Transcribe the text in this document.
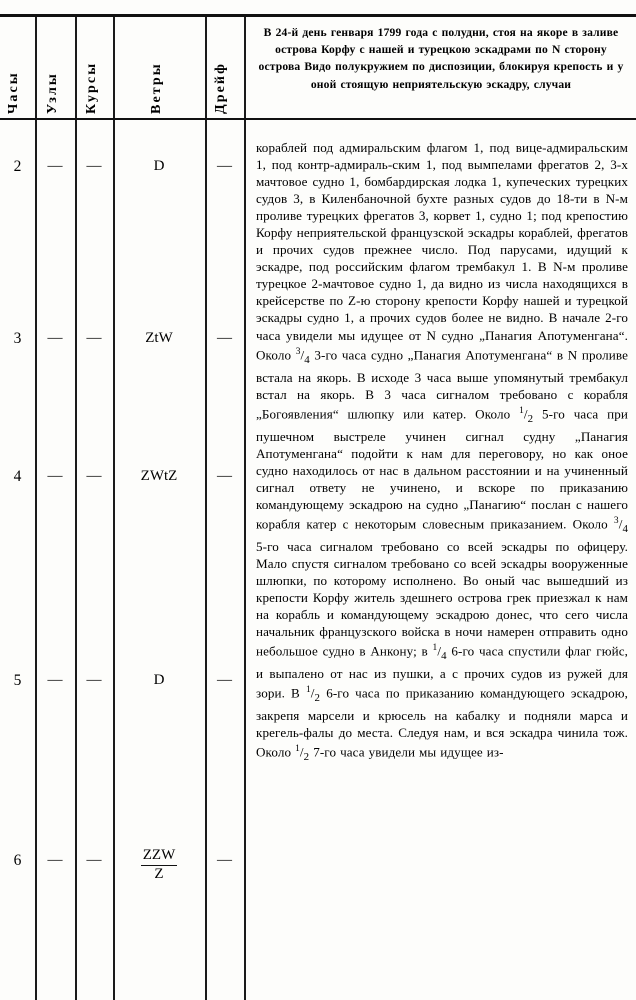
Часы Узлы Курсы	Ветры	Дрейф
В 24-й день генваря 1799 года с полудни, стоя на якоре в заливе острова Корфу с нашей и турецкою эскадрами по N сторону острова Видо полукружием по диспозиции, блокируя крепость и у оной стоящую неприятельскую эскадру, случаи
2	—	—	D	—
3	—	—	ZtW	—
4	—	—	ZWtZ	—
5	—	—	D	—
6	—	—	$\frac{\text{ZZW}}{Z}$	—

кораблей под адмиральским флагом 1, под вице-адмиральским 1, под контр-адмираль-ским 1, под вымпелами фрегатов 2, 3-х мачтовое судно 1, бомбардирская лодка 1, купеческих турецких судов 3, в Киленбаночной бухте разных судов до 18-ти в N-м проливе турецких фрегатов 3, корвет 1, судно 1; под крепостию Корфу неприятельской французской эскадры кораблей, фрегатов и прочих судов прежнее число. Под парусами, идущий к эскадре, под российским флагом трембакул 1. В N-м проливе турецкое 2-мачтовое судно 1, да видно из числа находящихся в крейсерстве по Z-ю сторону крепости Корфу нашей и турецкой эскадры судно 1, а прочих судов более не видно. В начале 2-го часа увидели мы идущее от N судно „Панагия Апотуменгана“. Около $^3/_4$ 3-го часа судно „Панагия Апотуменгана“ в N проливе встала на якорь. В исходе 3 часа выше упомянутый трембакул встал на якорь. В 3 часа сигналом требовано с корабля „Богоявления“ шлюпку или катер. Около $^1/_2$ 5-го часа при пушечном выстреле учинен сигнал судну „Панагия Апотуменгана“ подойти к нам для переговору, но как оное судно находилось от нас в дальном расстоянии и на учиненный сигнал ответу не учинено, и вскоре по приказанию командующему эскадрою на судно „Панагию“ послан с нашего корабля катер с некоторым словесным приказанием. Около $^3/_4$ 5-го часа сигналом требовано со всей эскадры по офицеру. Мало спустя сигналом требовано со всей эскадры вооруженные шлюпки, по которому исполнено. Во оный час вышедший из крепости Корфу житель здешнего острова грек приезжал к нам на корабль и командующему эскадрою донес, что сего числа начальник французского войска в ночи намерен отправить одно небольшое судно в Анкону; в $^1/_4$ 6-го часа спустили флаг гюйс, и выпалено от нас из пушки, а с прочих судов из ружей для зори. В $^1/_2$ 6-го часа по приказанию командующего эскадрою, закрепя марсели и крюсель на кабалку и подняли марса и крегель-фалы до места. Следуя нам, и вся эскадра чинила тож. Около $^1/_2$ 7-го часа увидели мы идущее из-
